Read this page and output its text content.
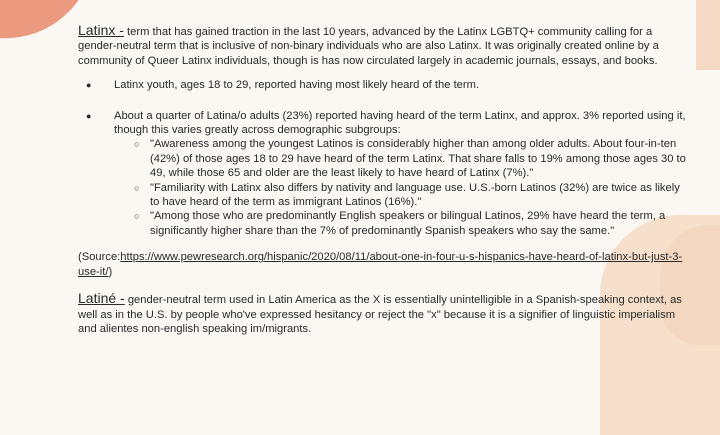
Latinx - term that has gained traction in the last 10 years, advanced by the Latinx LGBTQ+ community calling for a gender-neutral term that is inclusive of non-binary individuals who are also Latinx. It was originally created online by a community of Queer Latinx individuals, though is has now circulated largely in academic journals, essays, and books.

● Latinx youth, ages 18 to 29, reported having most likely heard of the term.
● About a quarter of Latina/o adults (23%) reported having heard of the term Latinx, and approx. 3% reported using it, though this varies greatly across demographic subgroups:
○ "Awareness among the youngest Latinos is considerably higher than among older adults. About four-in-ten (42%) of those ages 18 to 29 have heard of the term Latinx. That share falls to 19% among those ages 30 to 49, while those 65 and older are the least likely to have heard of Latinx (7%)."
○ "Familiarity with Latinx also differs by nativity and language use. U.S.-born Latinos (32%) are twice as likely to have heard of the term as immigrant Latinos (16%)."
○ "Among those who are predominantly English speakers or bilingual Latinos, 29% have heard the term, a significantly higher share than the 7% of predominantly Spanish speakers who say the same."

(Source:https://www.pewresearch.org/hispanic/2020/08/11/about-one-in-four-u-s-hispanics-have-heard-of-latinx-but-just-3-use-it/)

Latiné - gender-neutral term used in Latin America as the X is essentially unintelligible in a Spanish-speaking context, as well as in the U.S. by people who've expressed hesitancy or reject the "x" because it is a signifier of linguistic imperialism and alientes non-english speaking im/migrants.
